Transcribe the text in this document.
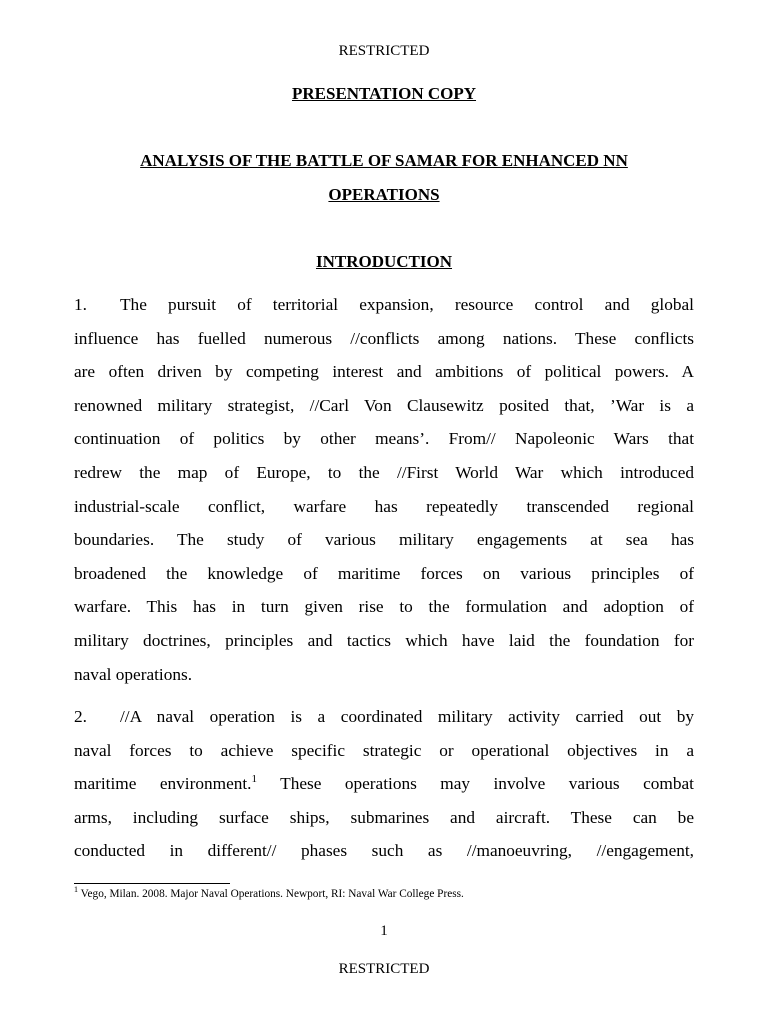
RESTRICTED
PRESENTATION COPY
ANALYSIS OF THE BATTLE OF SAMAR FOR ENHANCED NN
OPERATIONS
INTRODUCTION
1. The pursuit of territorial expansion, resource control and global
influence has fuelled numerous //conflicts among nations. These conflicts
are often driven by competing interest and ambitions of political powers. A
renowned military strategist, //Carl Von Clausewitz posited that, ’War is a
continuation of politics by other means’. From// Napoleonic Wars that
redrew the map of Europe, to the //First World War which introduced
industrial-scale conflict, warfare has repeatedly transcended regional
boundaries. The study of various military engagements at sea has
broadened the knowledge of maritime forces on various principles of
warfare. This has in turn given rise to the formulation and adoption of
military doctrines, principles and tactics which have laid the foundation for
naval operations.
2. //A naval operation is a coordinated military activity carried out by
naval forces to achieve specific strategic or operational objectives in a
maritime environment.$^1$ These operations may involve various combat
arms, including surface ships, submarines and aircraft. These can be
conducted in different// phases such as //manoeuvring, //engagement,
$^1$ Vego, Milan. 2008. Major Naval Operations. Newport, RI: Naval War College Press.
1
RESTRICTED
